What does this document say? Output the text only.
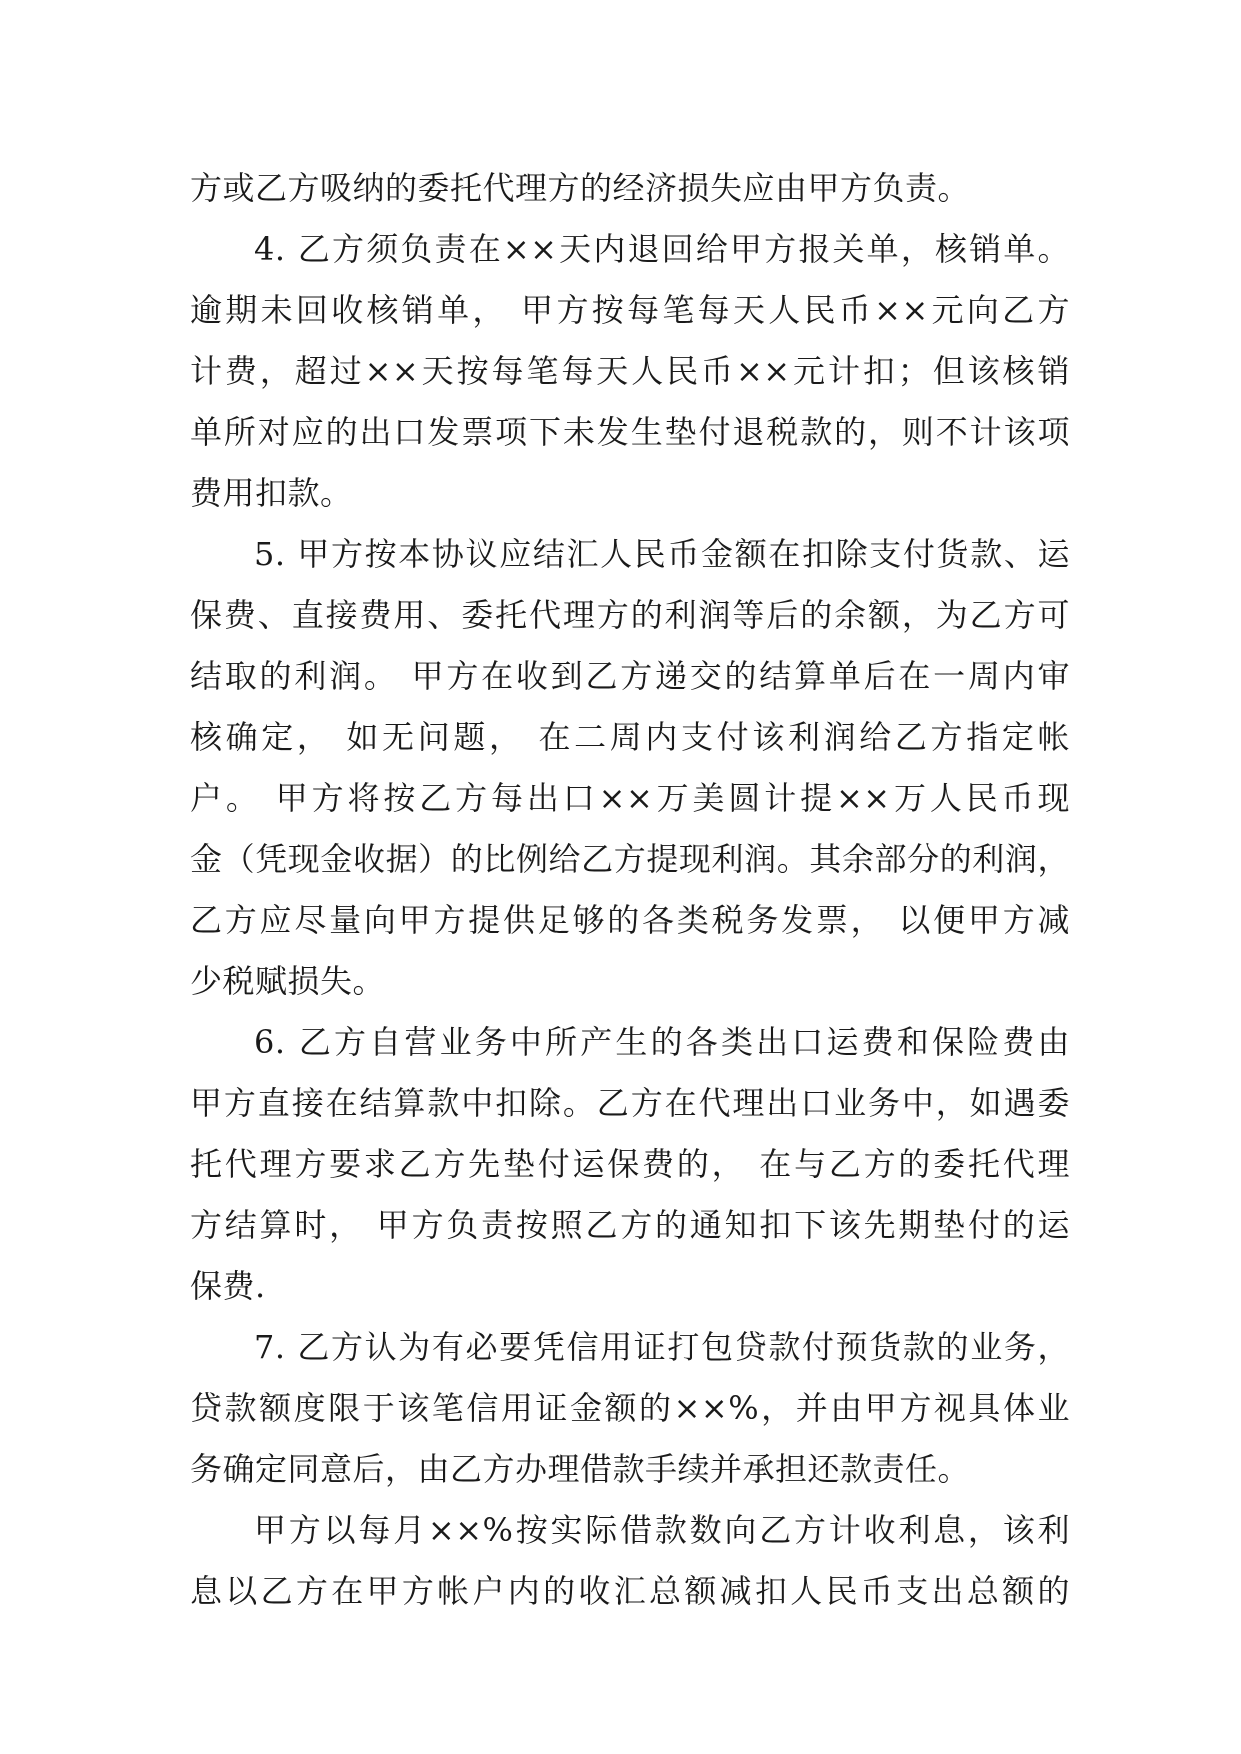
方或乙方吸纳的委托代理方的经济损失应由甲方负责。
4. 乙方须负责在××天内退回给甲方报关单，核销单。
逾期未回收核销单， 甲方按每笔每天人民币××元向乙方
计费，超过××天按每笔每天人民币××元计扣；但该核销
单所对应的出口发票项下未发生垫付退税款的，则不计该项
费用扣款。
5. 甲方按本协议应结汇人民币金额在扣除支付货款、运
保费、直接费用、委托代理方的利润等后的余额，为乙方可
结取的利润。 甲方在收到乙方递交的结算单后在一周内审
核确定， 如无问题， 在二周内支付该利润给乙方指定帐
户。 甲方将按乙方每出口××万美圆计提××万人民币现
金（凭现金收据）的比例给乙方提现利润。其余部分的利润，
乙方应尽量向甲方提供足够的各类税务发票， 以便甲方减
少税赋损失。
6. 乙方自营业务中所产生的各类出口运费和保险费由
甲方直接在结算款中扣除。乙方在代理出口业务中，如遇委
托代理方要求乙方先垫付运保费的， 在与乙方的委托代理
方结算时， 甲方负责按照乙方的通知扣下该先期垫付的运
保费.
7. 乙方认为有必要凭信用证打包贷款付预货款的业务，
贷款额度限于该笔信用证金额的××%，并由甲方视具体业
务确定同意后，由乙方办理借款手续并承担还款责任。
甲方以每月××%按实际借款数向乙方计收利息，该利
息以乙方在甲方帐户内的收汇总额减扣人民币支出总额的
